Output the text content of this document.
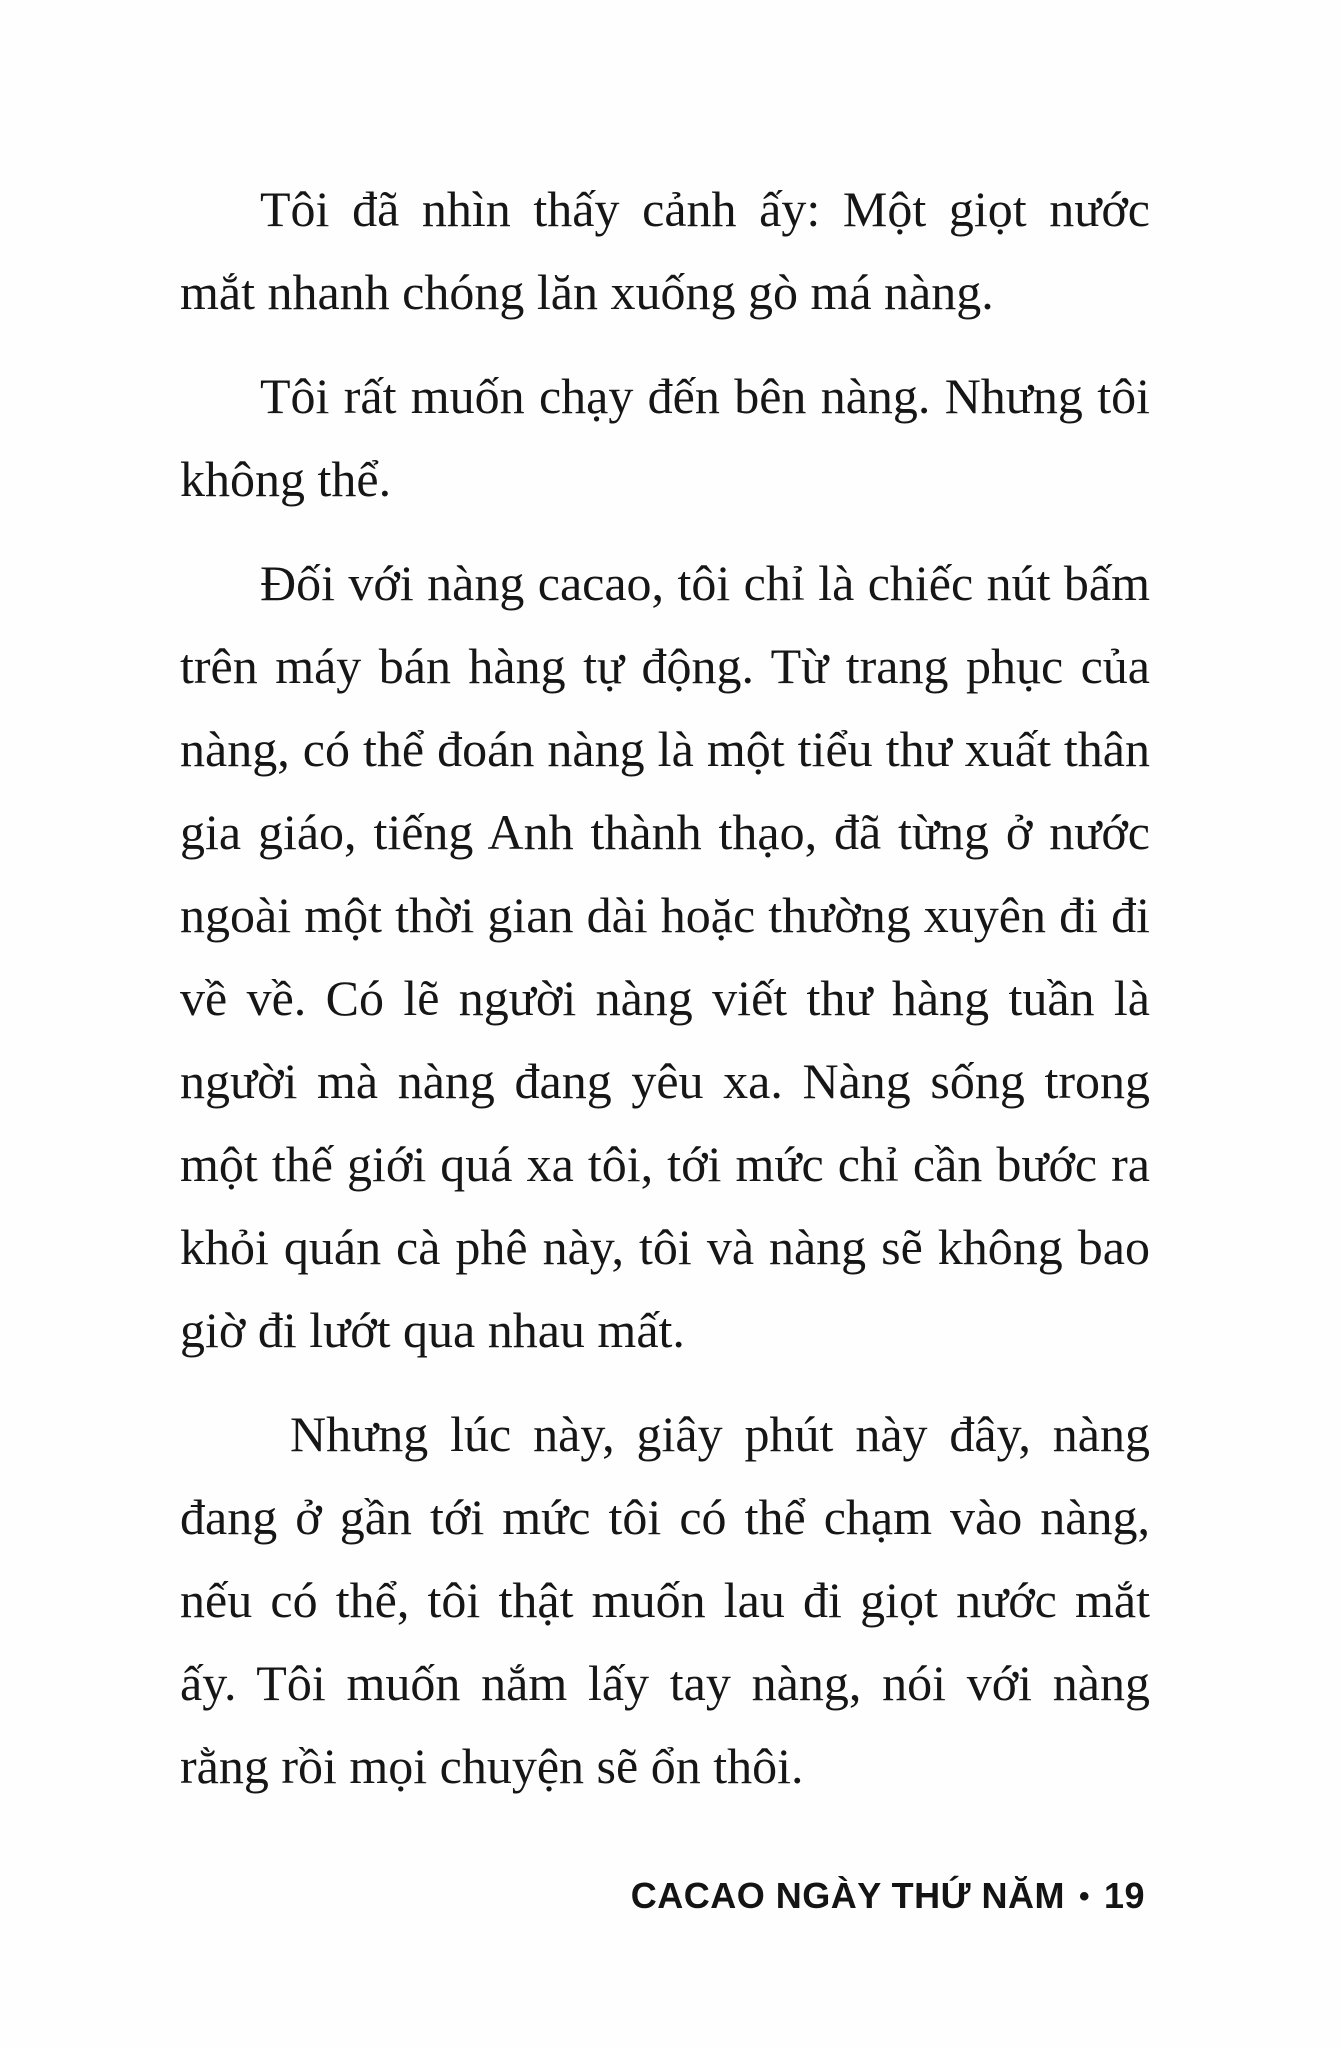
Tôi đã nhìn thấy cảnh ấy: Một giọt nước mắt nhanh chóng lăn xuống gò má nàng.

Tôi rất muốn chạy đến bên nàng. Nhưng tôi không thể.

Đối với nàng cacao, tôi chỉ là chiếc nút bấm trên máy bán hàng tự động. Từ trang phục của nàng, có thể đoán nàng là một tiểu thư xuất thân gia giáo, tiếng Anh thành thạo, đã từng ở nước ngoài một thời gian dài hoặc thường xuyên đi đi về về. Có lẽ người nàng viết thư hàng tuần là người mà nàng đang yêu xa. Nàng sống trong một thế giới quá xa tôi, tới mức chỉ cần bước ra khỏi quán cà phê này, tôi và nàng sẽ không bao giờ đi lướt qua nhau mất.

Nhưng lúc này, giây phút này đây, nàng đang ở gần tới mức tôi có thể chạm vào nàng, nếu có thể, tôi thật muốn lau đi giọt nước mắt ấy. Tôi muốn nắm lấy tay nàng, nói với nàng rằng rồi mọi chuyện sẽ ổn thôi.

CACAO NGÀY THỨ NĂM • 19
